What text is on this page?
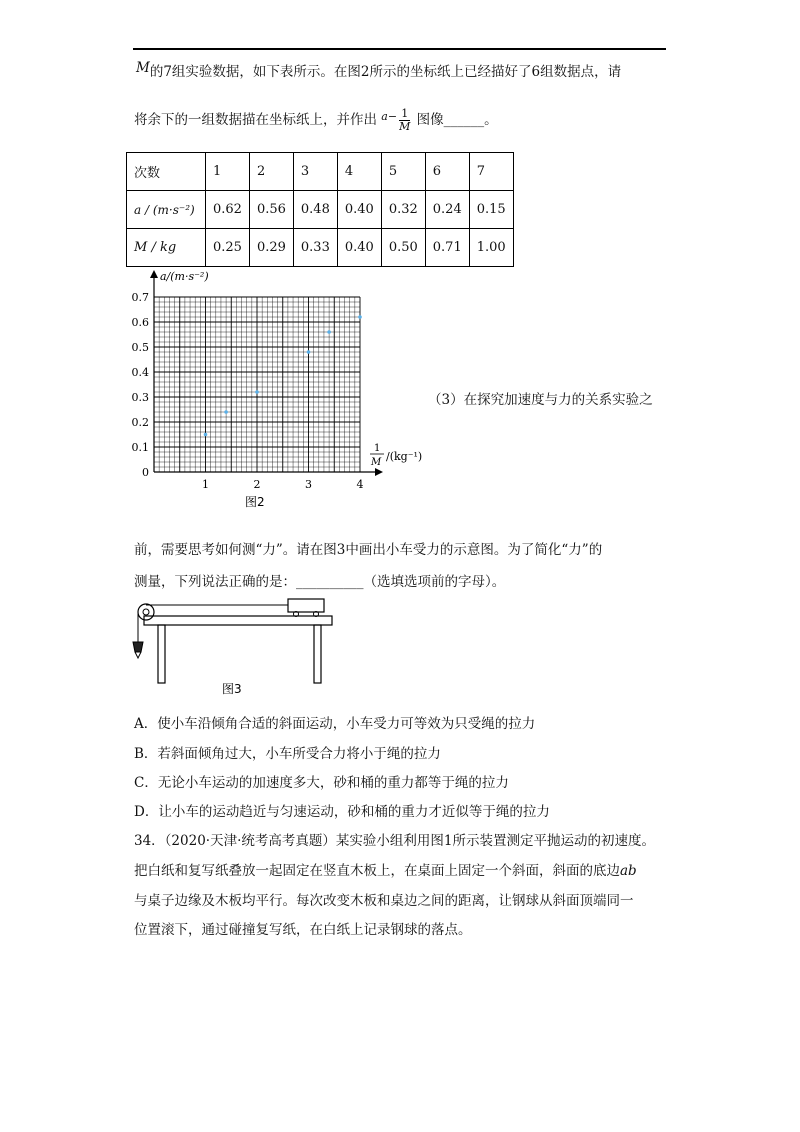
M的7组实验数据，如下表所示。在图2所示的坐标纸上已经描好了6组数据点，请
将余下的一组数据描在坐标纸上，并作出 $^{a-} \frac{1}{M}$ 图像______。
次数	1	2	3	4	5	6	7
a / (m·s⁻²)	0.62	0.56	0.48	0.40	0.32	0.24	0.15
M / kg	0.25	0.29	0.33	0.40	0.50	0.71	1.00
0
0.1
0.2
0.3
0.4
0.5
0.6
0.7
1	2	3	4
a/(m·s⁻²)
1
M /(kg⁻¹)
图2
（3）在探究加速度与力的关系实验之
前，需要思考如何测“力”。请在图3中画出小车受力的示意图。为了简化“力”的
测量，下列说法正确的是：__________（选填选项前的字母）。
图3
A．使小车沿倾角合适的斜面运动，小车受力可等效为只受绳的拉力
B．若斜面倾角过大，小车所受合力将小于绳的拉力
C．无论小车运动的加速度多大，砂和桶的重力都等于绳的拉力
D．让小车的运动趋近与匀速运动，砂和桶的重力才近似等于绳的拉力
34．（2020·天津·统考高考真题）某实验小组利用图1所示装置测定平抛运动的初速度。
把白纸和复写纸叠放一起固定在竖直木板上，在桌面上固定一个斜面，斜面的底边ab
与桌子边缘及木板均平行。每次改变木板和桌边之间的距离，让钢球从斜面顶端同一
位置滚下，通过碰撞复写纸，在白纸上记录钢球的落点。
